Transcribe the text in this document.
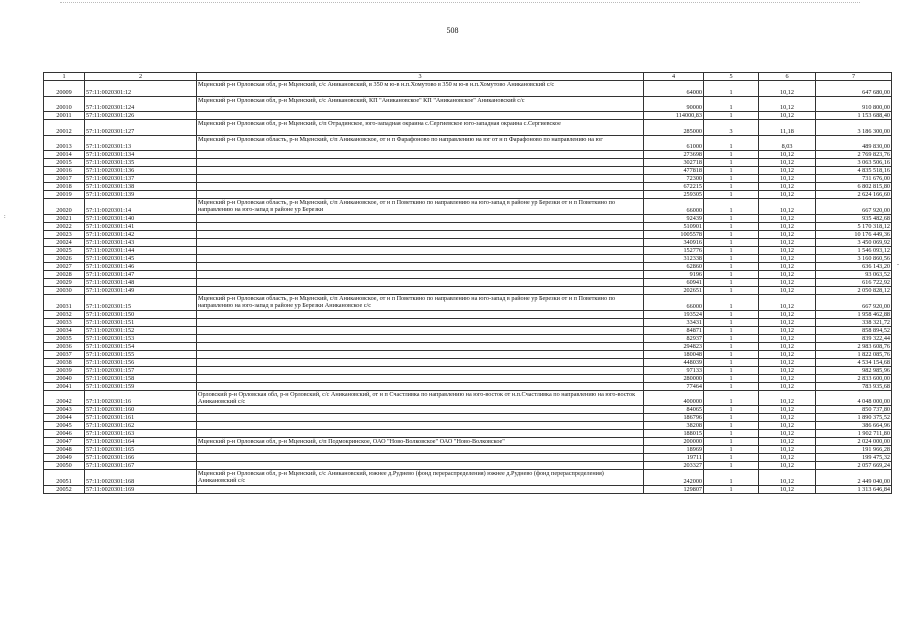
508
:
-
1	2	3	4	5	6	7
20009	57:11:0020301:12	Мценский р-н Орловская обл, р-н Мценский, с/с Аникановский, в 350 м ю-в н.п.Хомутово в 350 м ю-в н.п.Хомутово Аникановский с/с	64000	1	10,12	647 680,00
20010	57:11:0020301:124	Мценский р-н Орловская обл, р-н Мценский, с/с Аникановский, КП "Аникановское" КП "Аникановское" Аникановский с/с	90000	1	10,12	910 800,00
20011	57:11:0020301:126		114000,83	1	10,12	1 153 688,40
20012	57:11:0020301:127	Мценский р-н Орловская обл, р-н Мценский, с/п Отрадинское, юго-западная окраина с.Сергиевское юго-западная окраина с.Сергиевское	285000	3	11,18	3 186 300,00
20013	57:11:0020301:13	Мценский р-н Орловская область, р-н Мценский, с/п Аникановское, от н п Фарафоново по направлению на юг от н п Фарафоново по направлению на юг	61000	1	8,03	489 830,00
20014	57:11:0020301:134		273698	1	10,12	2 769 823,76
20015	57:11:0020301:135		302718	1	10,12	3 063 506,16
20016	57:11:0020301:136		477818	1	10,12	4 835 518,16
20017	57:11:0020301:137		72300	1	10,12	731 676,00
20018	57:11:0020301:138		672215	1	10,12	6 802 815,80
20019	57:11:0020301:139		259305	1	10,12	2 624 166,60
20020	57:11:0020301:14	Мценский р-н Орловская область, р-н Мценский, с/п Аникановское, от н п Поветкино по направлению на юго-запад в районе ур Березки от н п Поветкино по направлению на юго-запад в районе ур Березки	66000	1	10,12	667 920,00
20021	57:11:0020301:140		92439	1	10,12	935 482,68
20022	57:11:0020301:141		510901	1	10,12	5 170 318,12
20023	57:11:0020301:142		1005578	1	10,12	10 176 449,36
20024	57:11:0020301:143		340916	1	10,12	3 450 069,92
20025	57:11:0020301:144		152776	1	10,12	1 546 093,12
20026	57:11:0020301:145		312338	1	10,12	3 160 860,56
20027	57:11:0020301:146		62860	1	10,12	636 143,20
20028	57:11:0020301:147		9196	1	10,12	93 063,52
20029	57:11:0020301:148		60941	1	10,12	616 722,92
20030	57:11:0020301:149		202651	1	10,12	2 050 828,12
20031	57:11:0020301:15	Мценский р-н Орловская область, р-н Мценский, с/п Аникановское, от н п Поветкино по направлению на юго-запад в районе ур Березки от н п Поветкино по направлению на юго-запад в районе ур Березки Аникановское с/с	66000	1	10,12	667 920,00
20032	57:11:0020301:150		193524	1	10,12	1 958 462,88
20033	57:11:0020301:151		33431	1	10,12	338 321,72
20034	57:11:0020301:152		84871	1	10,12	858 894,52
20035	57:11:0020301:153		82937	1	10,12	839 322,44
20036	57:11:0020301:154		294823	1	10,12	2 983 608,76
20037	57:11:0020301:155		180048	1	10,12	1 822 085,76
20038	57:11:0020301:156		448039	1	10,12	4 534 154,68
20039	57:11:0020301:157		97133	1	10,12	982 985,96
20040	57:11:0020301:158		280000	1	10,12	2 833 600,00
20041	57:11:0020301:159		77464	1	10,12	783 935,68
20042	57:11:0020301:16	Орловский р-н Орловская обл, р-н Орловский, с/с Аникановский, от н п Счастливка по направлению на юго-восток от н.п.Счастливка по направлению на юго-восток Аникановский с/с	400000	1	10,12	4 048 000,00
20043	57:11:0020301:160		84065	1	10,12	850 737,80
20044	57:11:0020301:161		186796	1	10,12	1 890 375,52
20045	57:11:0020301:162		38208	1	10,12	386 664,96
20046	57:11:0020301:163		188015	1	10,12	1 902 711,80
20047	57:11:0020301:164	Мценский р-н Орловская обл, р-н Мценский, с/п Подмокринское, ОАО "Ново-Волковское" ОАО "Ново-Волковское"	200000	1	10,12	2 024 000,00
20048	57:11:0020301:165		18969	1	10,12	191 966,28
20049	57:11:0020301:166		19711	1	10,12	199 475,32
20050	57:11:0020301:167		203327	1	10,12	2 057 669,24
20051	57:11:0020301:168	Мценский р-н Орловская обл, р-н Мценский, с/с Аникановский, южнее д.Руднево (фонд перераспределения) южнее д.Руднево (фонд перераспределения) Аникановский с/с	242000	1	10,12	2 449 040,00
20052	57:11:0020301:169		129807	1	10,12	1 313 646,84
